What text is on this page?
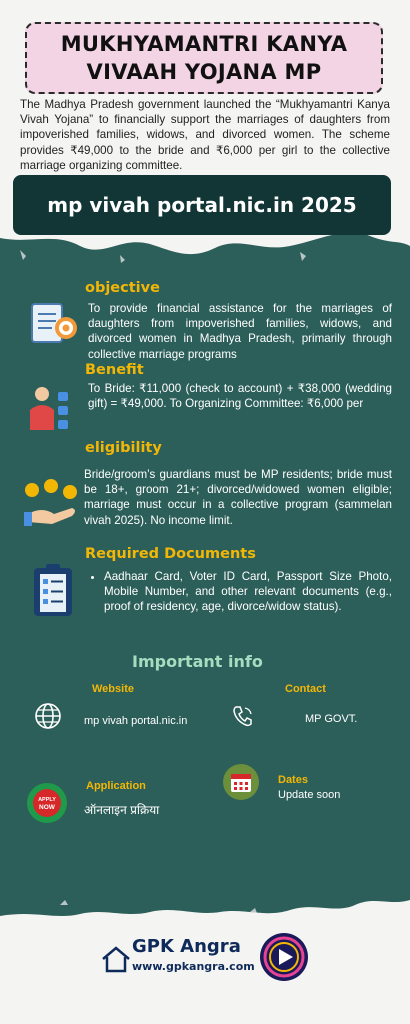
MUKHYAMANTRI KANYA
VIVAAH YOJANA MP
The Madhya Pradesh government launched the “Mukhyamantri Kanya Vivah Yojana” to financially support the marriages of daughters from impoverished families, widows, and divorced women. The scheme provides ₹49,000 to the bride and ₹6,000 per girl to the collective marriage organizing committee.
mp vivah portal.nic.in 2025
objective
To provide financial assistance for the marriages of daughters from impoverished families, widows, and divorced women in Madhya Pradesh, primarily through collective marriage programs
Benefit
To Bride: ₹11,000 (check to account) + ₹38,000 (wedding gift) = ₹49,000. To Organizing Committee: ₹6,000 per
eligibility
Bride/groom’s guardians must be MP residents; bride must be 18+, groom 21+; divorced/widowed women eligible; marriage must occur in a collective program (sammelan vivah 2025). No income limit.
Required Documents
• Aadhaar Card, Voter ID Card, Passport Size Photo, Mobile Number, and other relevant documents (e.g., proof of residency, age, divorce/widow status).
Important info
Website	Contact
mp vivah portal.nic.in	MP GOVT.
Application
APPLY
NOW ऑनलाइन प्रक्रिया
Dates
Update soon
GPK Angra
www.gpkangra.com
